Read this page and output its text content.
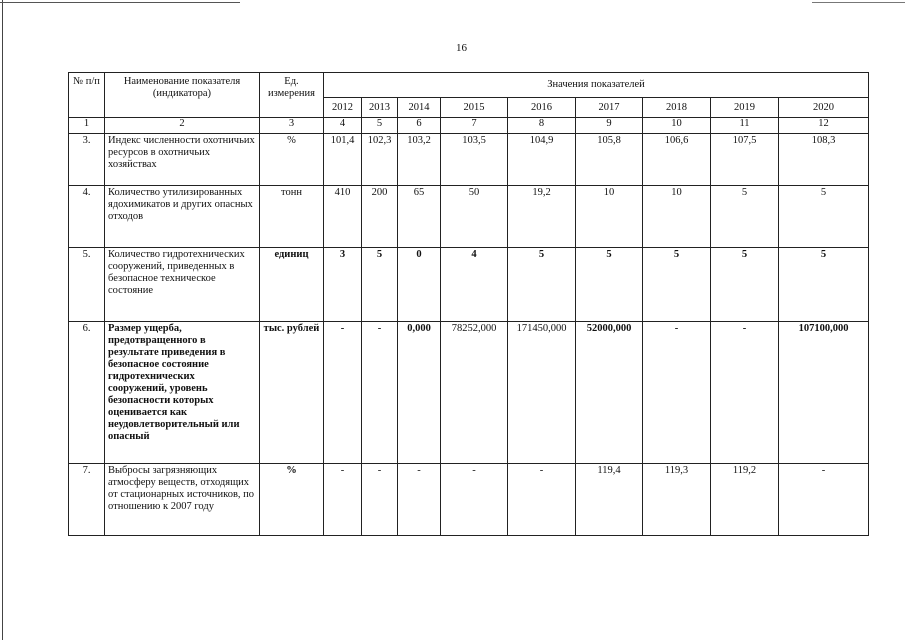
16
№ п/п	Наименование показателя (индикатора)	Ед. измерения	Значения показателей								
			2012	2013	2014	2015	2016	2017	2018	2019	2020
1	2	3	4	5	6	7	8	9	10	11	12
3.	Индекс численности охотничьих ресурсов в охотничьих хозяйствах	%	101,4	102,3	103,2	103,5	104,9	105,8	106,6	107,5	108,3
4.	Количество утилизированных ядохимикатов и других опасных отходов	тонн	410	200	65	50	19,2	10	10	5	5
5.	Количество гидротехнических сооружений, приведенных в безопасное техническое состояние	единиц	3	5	0	4	5	5	5	5	5
6.	Размер ущерба, предотвращенного в результате приведения в безопасное состояние гидротехнических сооружений, уровень безопасности которых оценивается как неудовлетворительный или опасный	тыс. рублей	-	-	0,000	78252,000	171450,000	52000,000	-	-	107100,000
7.	Выбросы загрязняющих атмосферу веществ, отходящих от стационарных источников, по отношению к 2007 году	%	-	-	-	-	-	119,4	119,3	119,2	-
